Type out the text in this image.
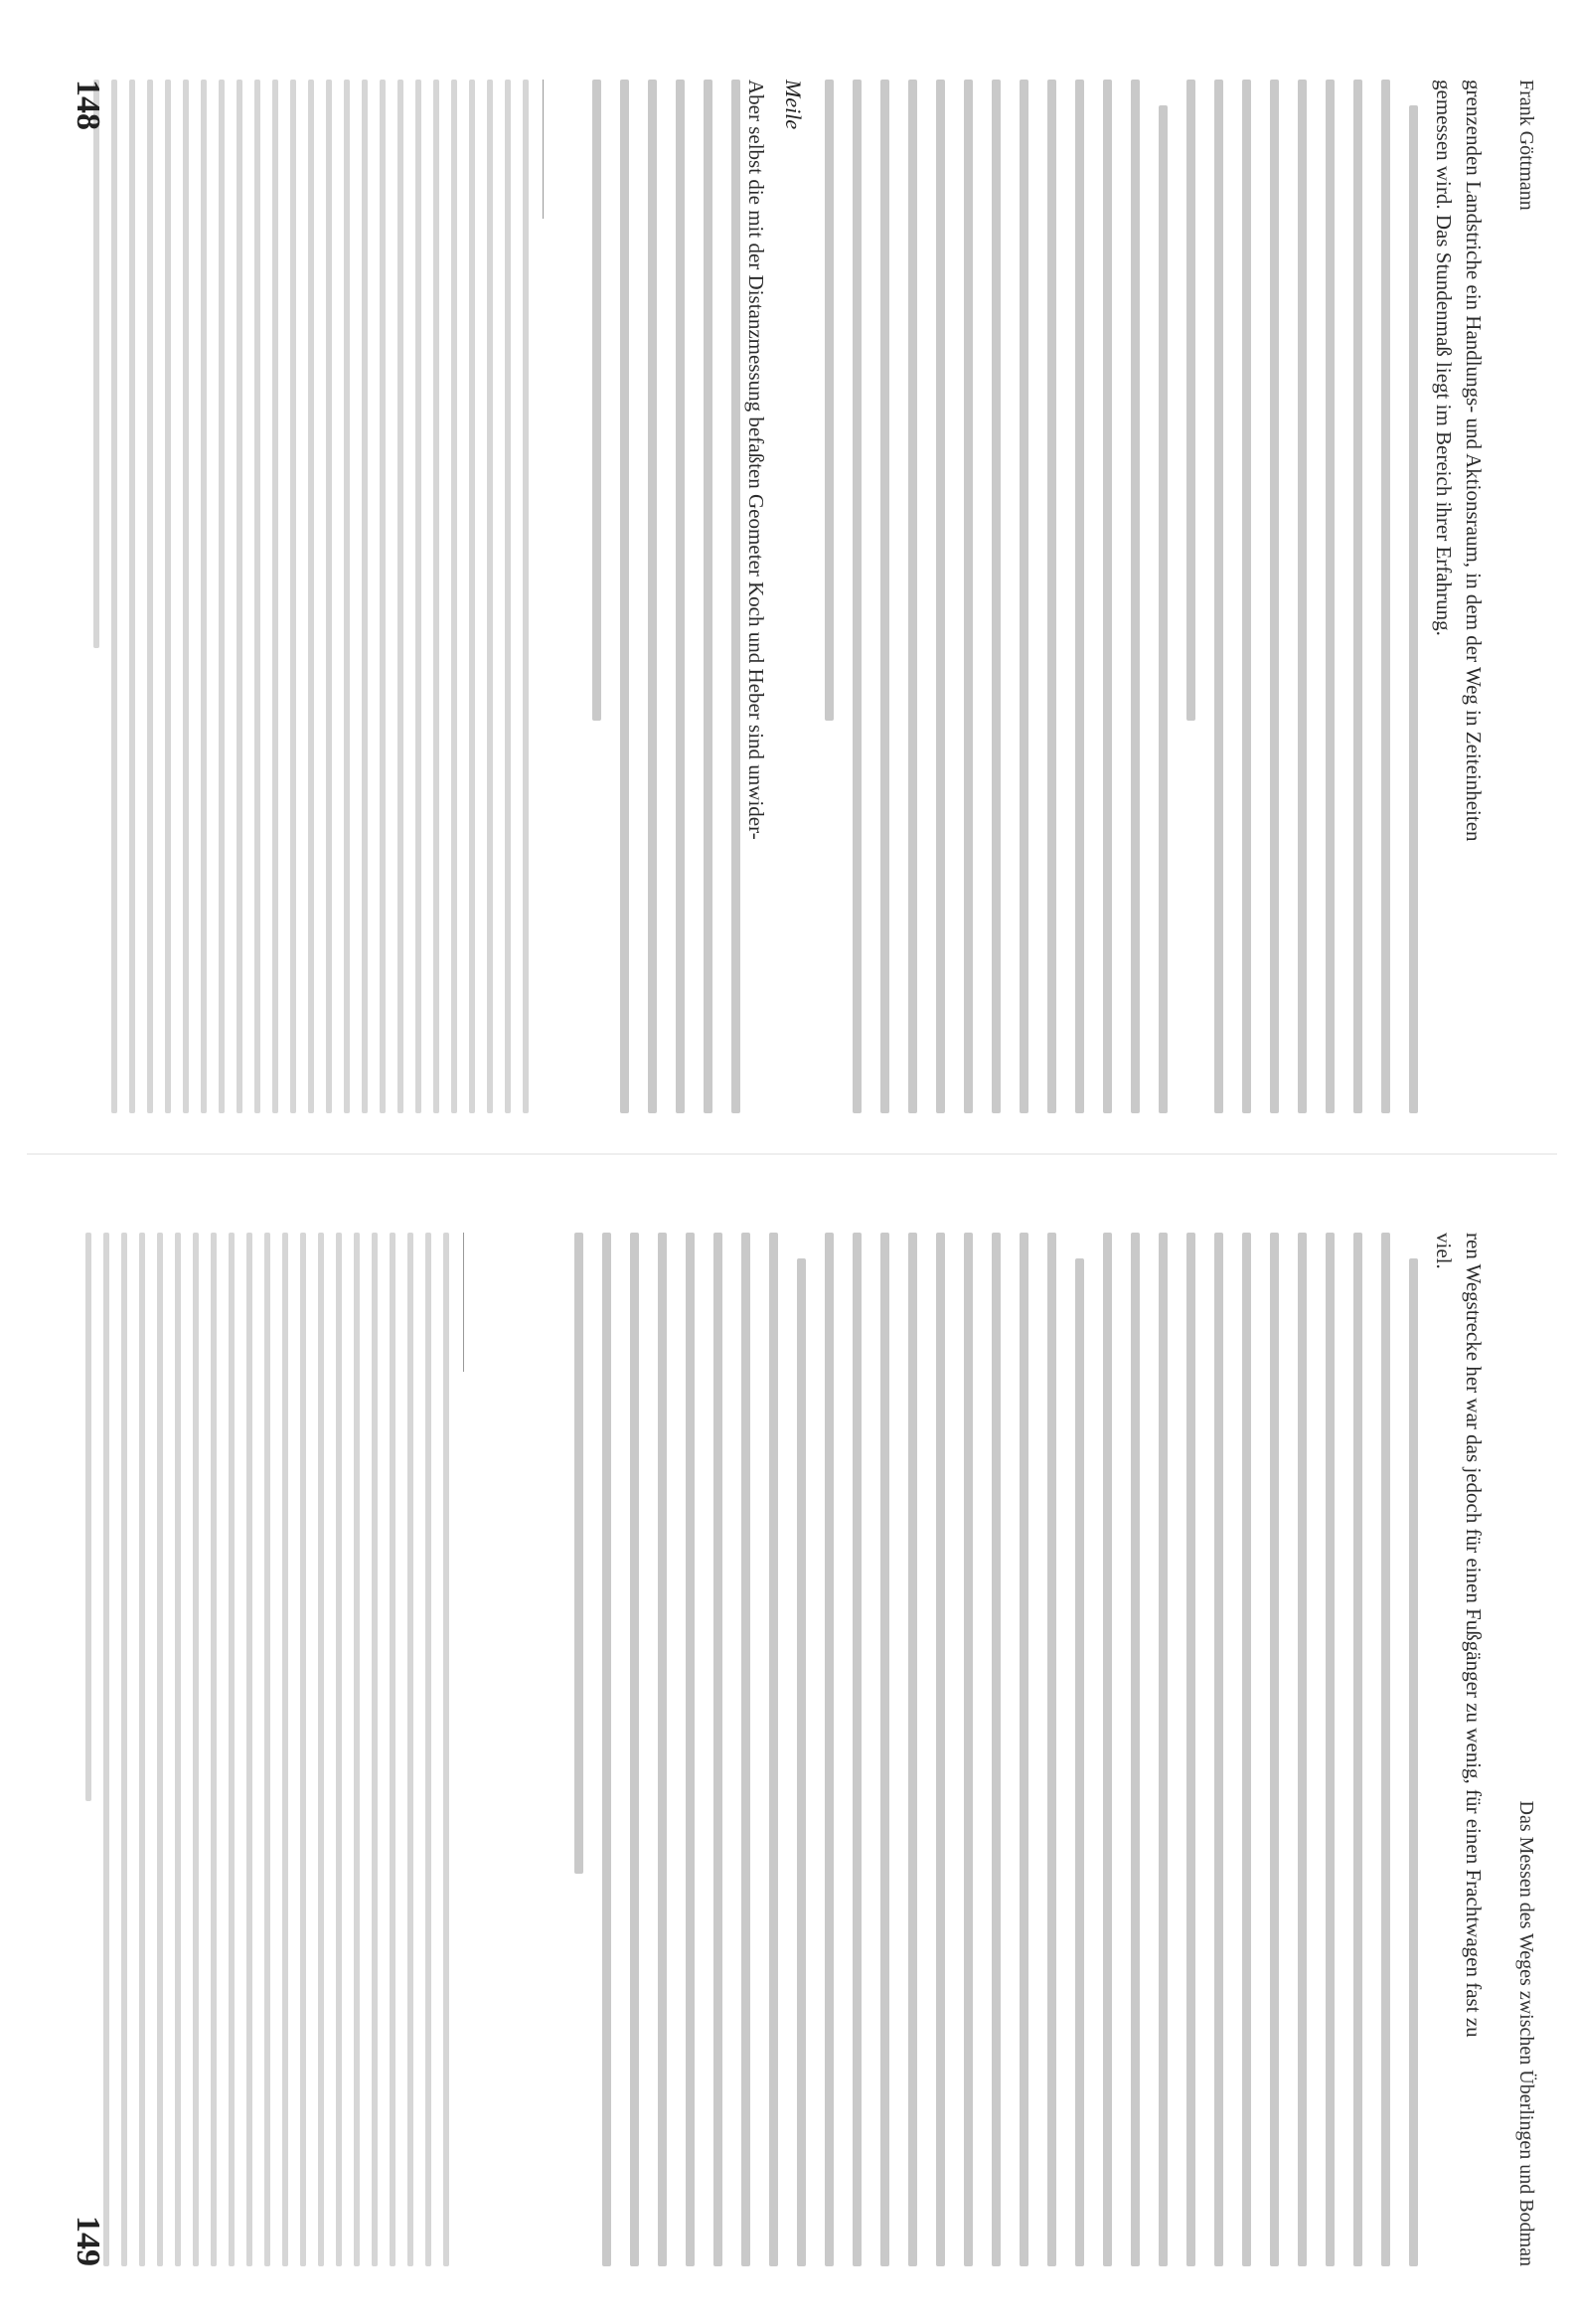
Frank Göttmann

grenzenden Landstriche ein Handlungs- und Aktionsraum, in dem der Weg in Zeiteinheiten

gemessen wird. Das Stundenmaß liegt im Bereich ihrer Erfahrung.

Meile

Aber selbst die mit der Distanzmessung befaßten Geometer Koch und Heber sind unwider-

148
Das Messen des Weges zwischen Überlingen und Bodman

ren Wegstrecke her war das jedoch für einen Fußgänger zu wenig, für einen Frachtwagen fast zu

viel.

149
